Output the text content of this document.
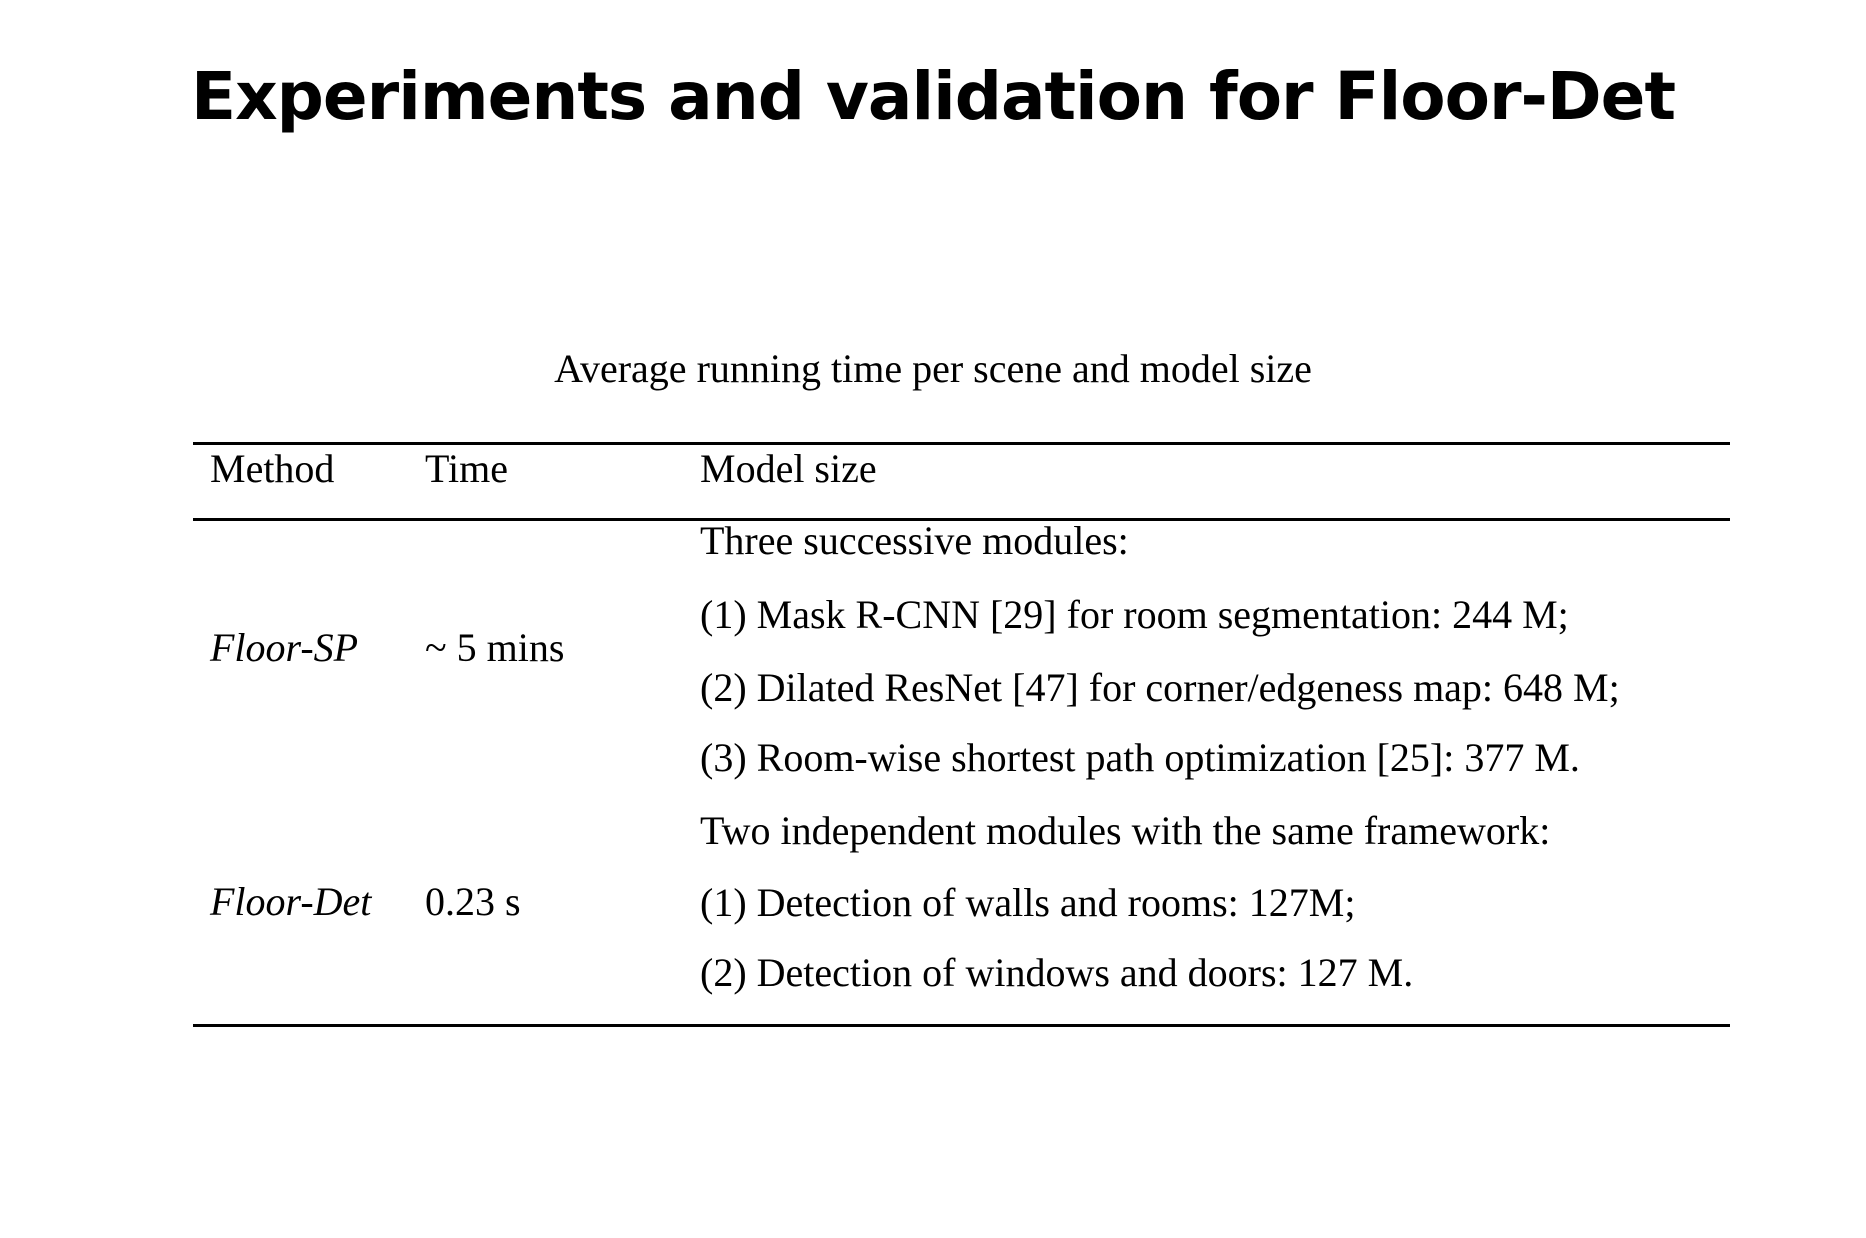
Experiments and validation for Floor-Det

Average running time per scene and model size

Method Time	Model size
Floor-SP ~ 5 mins
Three successive modules:
(1) Mask R-CNN [29] for room segmentation: 244 M;
(2) Dilated ResNet [47] for corner/edgeness map: 648 M;
(3) Room-wise shortest path optimization [25]: 377 M.
Floor-Det 0.23 s
Two independent modules with the same framework:
(1) Detection of walls and rooms: 127M;
(2) Detection of windows and doors: 127 M.
